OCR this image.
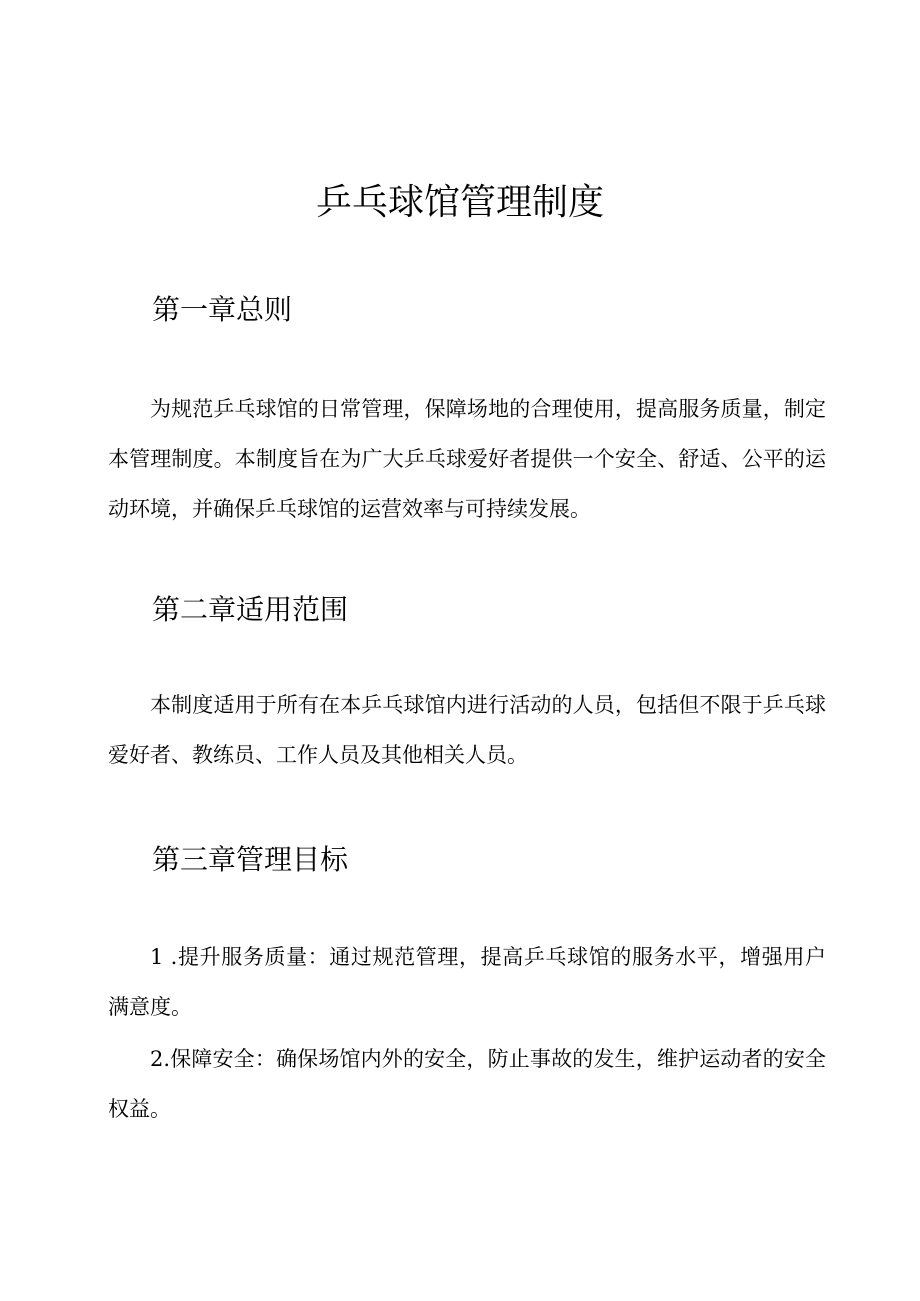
乒乓球馆管理制度
第一章总则

为规范乒乓球馆的日常管理，保障场地的合理使用，提高服务质量，制定本管理制度。本制度旨在为广大乒乓球爱好者提供一个安全、舒适、公平的运动环境，并确保乒乓球馆的运营效率与可持续发展。

第二章适用范围

本制度适用于所有在本乒乓球馆内进行活动的人员，包括但不限于乒乓球爱好者、教练员、工作人员及其他相关人员。

第三章管理目标

1 .提升服务质量：通过规范管理，提高乒乓球馆的服务水平，增强用户满意度。

2.保障安全：确保场馆内外的安全，防止事故的发生，维护运动者的安全权益。
